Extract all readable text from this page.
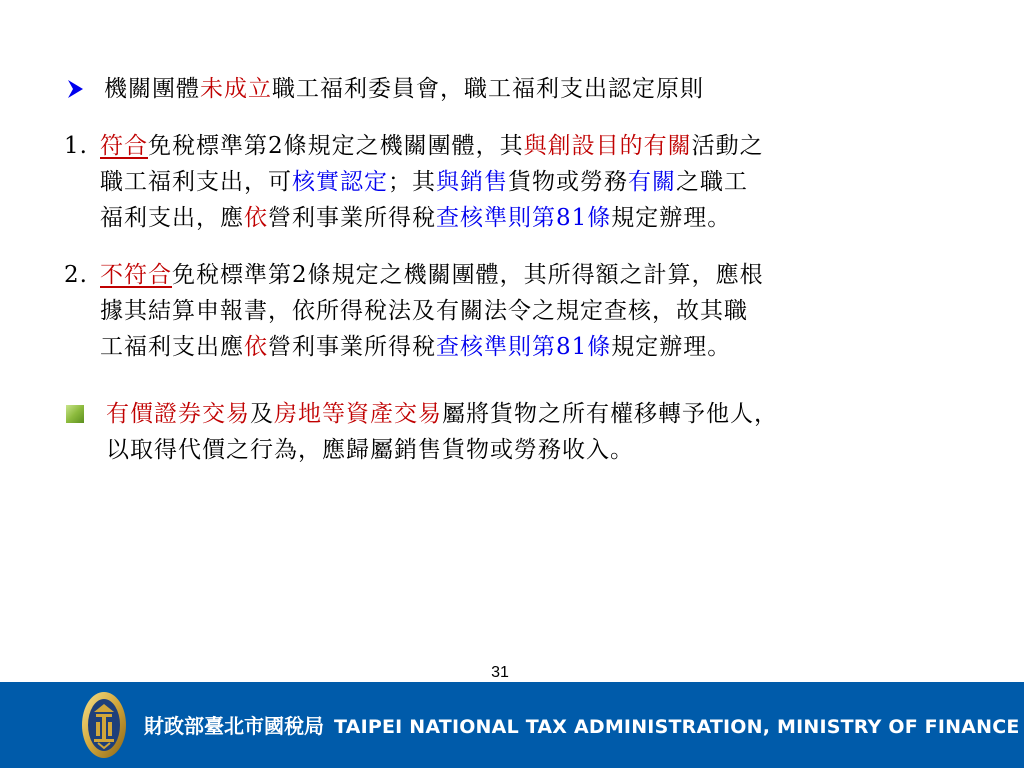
機關團體未成立職工福利委員會，職工福利支出認定原則
1. 符合免稅標準第2條規定之機關團體，其與創設目的有關活動之
職工福利支出，可核實認定；其與銷售貨物或勞務有關之職工
福利支出，應依營利事業所得稅查核準則第81條規定辦理。
2. 不符合免稅標準第2條規定之機關團體，其所得額之計算，應根
據其結算申報書，依所得稅法及有關法令之規定查核，故其職
工福利支出應依營利事業所得稅查核準則第81條規定辦理。
有價證券交易及房地等資產交易屬將貨物之所有權移轉予他人，
以取得代價之行為，應歸屬銷售貨物或勞務收入。
31
財政部臺北市國稅局 TAIPEI NATIONAL TAX ADMINISTRATION, MINISTRY OF FINANCE
